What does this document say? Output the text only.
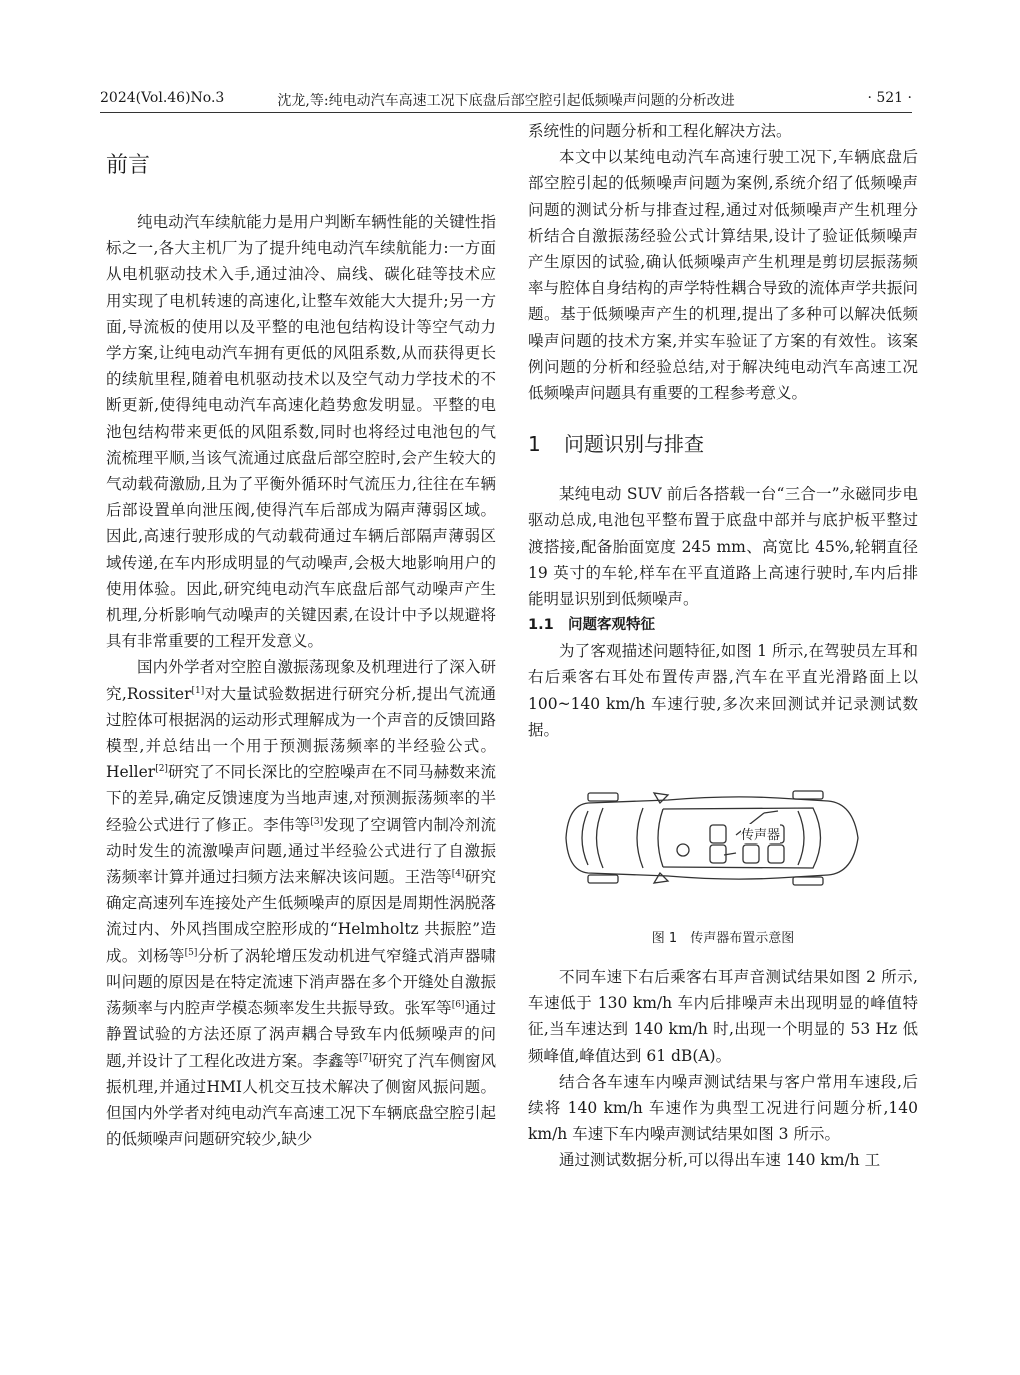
2024(Vol.46)No.3	沈龙,等:纯电动汽车高速工况下底盘后部空腔引起低频噪声问题的分析改进	· 521 ·
前言

纯电动汽车续航能力是用户判断车辆性能的关键性指标之一,各大主机厂为了提升纯电动汽车续航能力:一方面从电机驱动技术入手,通过油冷、扁线、碳化硅等技术应用实现了电机转速的高速化,让整车效能大大提升;另一方面,导流板的使用以及平整的电池包结构设计等空气动力学方案,让纯电动汽车拥有更低的风阻系数,从而获得更长的续航里程,随着电机驱动技术以及空气动力学技术的不断更新,使得纯电动汽车高速化趋势愈发明显。平整的电池包结构带来更低的风阻系数,同时也将经过电池包的气流梳理平顺,当该气流通过底盘后部空腔时,会产生较大的气动载荷激励,且为了平衡外循环时气流压力,往往在车辆后部设置单向泄压阀,使得汽车后部成为隔声薄弱区域。因此,高速行驶形成的气动载荷通过车辆后部隔声薄弱区域传递,在车内形成明显的气动噪声,会极大地影响用户的使用体验。因此,研究纯电动汽车底盘后部气动噪声产生机理,分析影响气动噪声的关键因素,在设计中予以规避将具有非常重要的工程开发意义。

国内外学者对空腔自激振荡现象及机理进行了深入研究,Rossiter[1]对大量试验数据进行研究分析,提出气流通过腔体可根据涡的运动形式理解成为一个声音的反馈回路模型,并总结出一个用于预测振荡频率的半经验公式。Heller[2]研究了不同长深比的空腔噪声在不同马赫数来流下的差异,确定反馈速度为当地声速,对预测振荡频率的半经验公式进行了修正。李伟等[3]发现了空调管内制冷剂流动时发生的流激噪声问题,通过半经验公式进行了自激振荡频率计算并通过扫频方法来解决该问题。王浩等[4]研究确定高速列车连接处产生低频噪声的原因是周期性涡脱落流过内、外风挡围成空腔形成的“Helmholtz 共振腔”造成。刘杨等[5]分析了涡轮增压发动机进气窄缝式消声器啸叫问题的原因是在特定流速下消声器在多个开缝处自激振荡频率与内腔声学模态频率发生共振导致。张军等[6]通过静置试验的方法还原了涡声耦合导致车内低频噪声的问题,并设计了工程化改进方案。李鑫等[7]研究了汽车侧窗风振机理,并通过HMI人机交互技术解决了侧窗风振问题。但国内外学者对纯电动汽车高速工况下车辆底盘空腔引起的低频噪声问题研究较少,缺少

系统性的问题分析和工程化解决方法。

本文中以某纯电动汽车高速行驶工况下,车辆底盘后部空腔引起的低频噪声问题为案例,系统介绍了低频噪声问题的测试分析与排查过程,通过对低频噪声产生机理分析结合自激振荡经验公式计算结果,设计了验证低频噪声产生原因的试验,确认低频噪声产生机理是剪切层振荡频率与腔体自身结构的声学特性耦合导致的流体声学共振问题。基于低频噪声产生的机理,提出了多种可以解决低频噪声问题的技术方案,并实车验证了方案的有效性。该案例问题的分析和经验总结,对于解决纯电动汽车高速工况低频噪声问题具有重要的工程参考意义。

1 问题识别与排查

某纯电动 SUV 前后各搭载一台“三合一”永磁同步电驱动总成,电池包平整布置于底盘中部并与底护板平整过渡搭接,配备胎面宽度 245 mm、高宽比 45%,轮辋直径 19 英寸的车轮,样车在平直道路上高速行驶时,车内后排能明显识别到低频噪声。

1.1 问题客观特征

为了客观描述问题特征,如图 1 所示,在驾驶员左耳和右后乘客右耳处布置传声器,汽车在平直光滑路面上以 100~140 km/h 车速行驶,多次来回测试并记录测试数据。

传声器
图 1　传声器布置示意图

不同车速下右后乘客右耳声音测试结果如图 2 所示,车速低于 130 km/h 车内后排噪声未出现明显的峰值特征,当车速达到 140 km/h 时,出现一个明显的 53 Hz 低频峰值,峰值达到 61 dB(A)。

结合各车速车内噪声测试结果与客户常用车速段,后续将 140 km/h 车速作为典型工况进行问题分析,140 km/h 车速下车内噪声测试结果如图 3 所示。

通过测试数据分析,可以得出车速 140 km/h 工
